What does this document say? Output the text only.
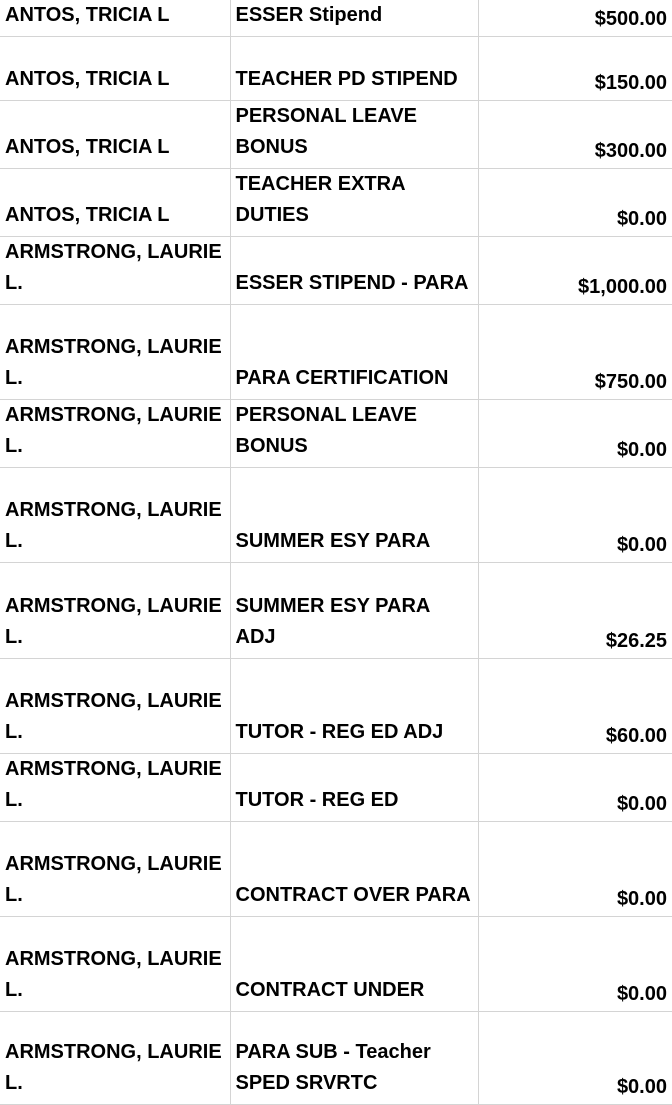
ANTOS, TRICIA L	ESSER Stipend	$500.00
ANTOS, TRICIA L	TEACHER PD STIPEND	$150.00
ANTOS, TRICIA L	PERSONAL LEAVE BONUS	$300.00
ANTOS, TRICIA L	TEACHER EXTRA DUTIES	$0.00
ARMSTRONG, LAURIE L.	ESSER STIPEND - PARA	$1,000.00
ARMSTRONG, LAURIE L.	PARA CERTIFICATION	$750.00
ARMSTRONG, LAURIE L.	PERSONAL LEAVE BONUS	$0.00
ARMSTRONG, LAURIE L.	SUMMER ESY PARA	$0.00
ARMSTRONG, LAURIE L.	SUMMER ESY PARA ADJ	$26.25
ARMSTRONG, LAURIE L.	TUTOR - REG ED ADJ	$60.00
ARMSTRONG, LAURIE L.	TUTOR - REG ED	$0.00
ARMSTRONG, LAURIE L.	CONTRACT OVER PARA	$0.00
ARMSTRONG, LAURIE L.	CONTRACT UNDER	$0.00
ARMSTRONG, LAURIE L.	PARA SUB - Teacher SPED SRVRTC	$0.00
